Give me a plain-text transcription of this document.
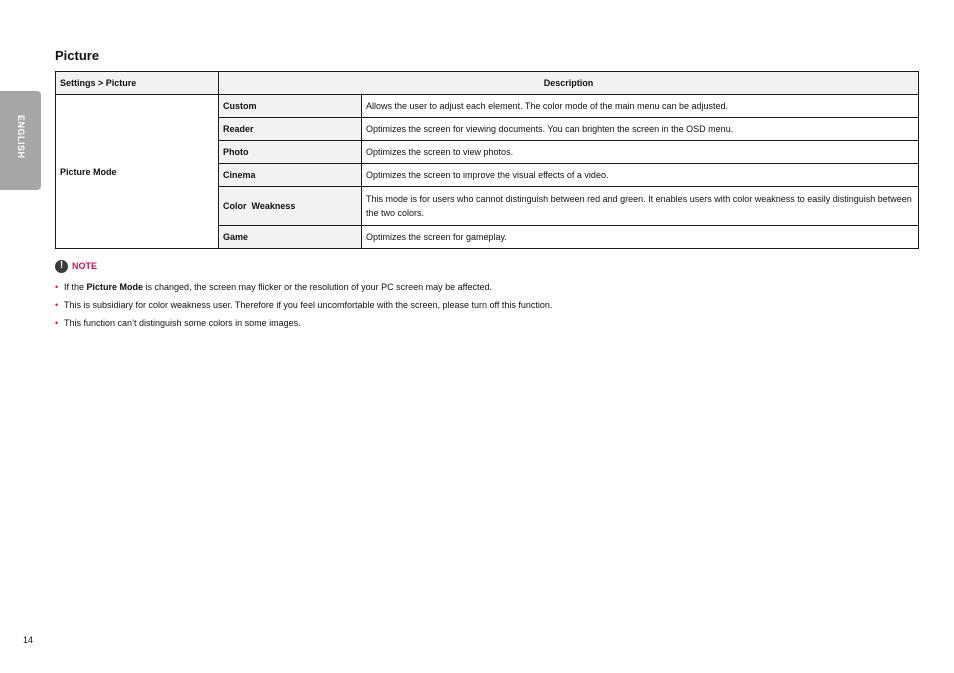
ENGLISH
Picture
Settings > Picture	Description	
Picture Mode	Custom	Allows the user to adjust each element. The color mode of the main menu can be adjusted.
	Reader	Optimizes the screen for viewing documents. You can brighten the screen in the OSD menu.
	Photo	Optimizes the screen to view photos.
	Cinema	Optimizes the screen to improve the visual effects of a video.
	Color  Weakness	This mode is for users who cannot distinguish between red and green. It enables users with color weakness to easily distinguish between the two colors.
	Game	Optimizes the screen for gameplay.
! NOTE
• If the Picture Mode is changed, the screen may flicker or the resolution of your PC screen may be affected.
• This is subsidiary for color weakness user. Therefore if you feel uncomfortable with the screen, please turn off this function.
• This function can’t distinguish some colors in some images.
14
